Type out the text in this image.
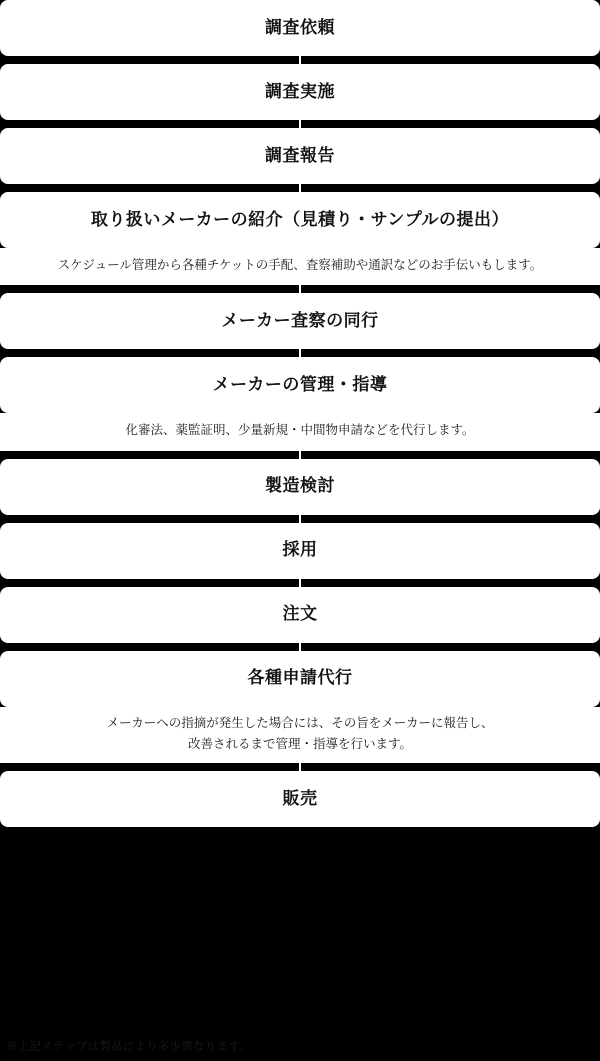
調査依頼
調査実施
調査報告
取り扱いメーカーの紹介（見積り・サンプルの提出）
スケジュール管理から各種チケットの手配、査察補助や通訳などのお手伝いもします。
メーカー査察の同行
メーカーの管理・指導
化審法、薬監証明、少量新規・中間物申請などを代行します。
製造検討
採用
注文
各種申請代行
メーカーへの指摘が発生した場合には、その旨をメーカーに報告し、
改善されるまで管理・指導を行います。
販売
※上記ステップは製品により多少異なります。
